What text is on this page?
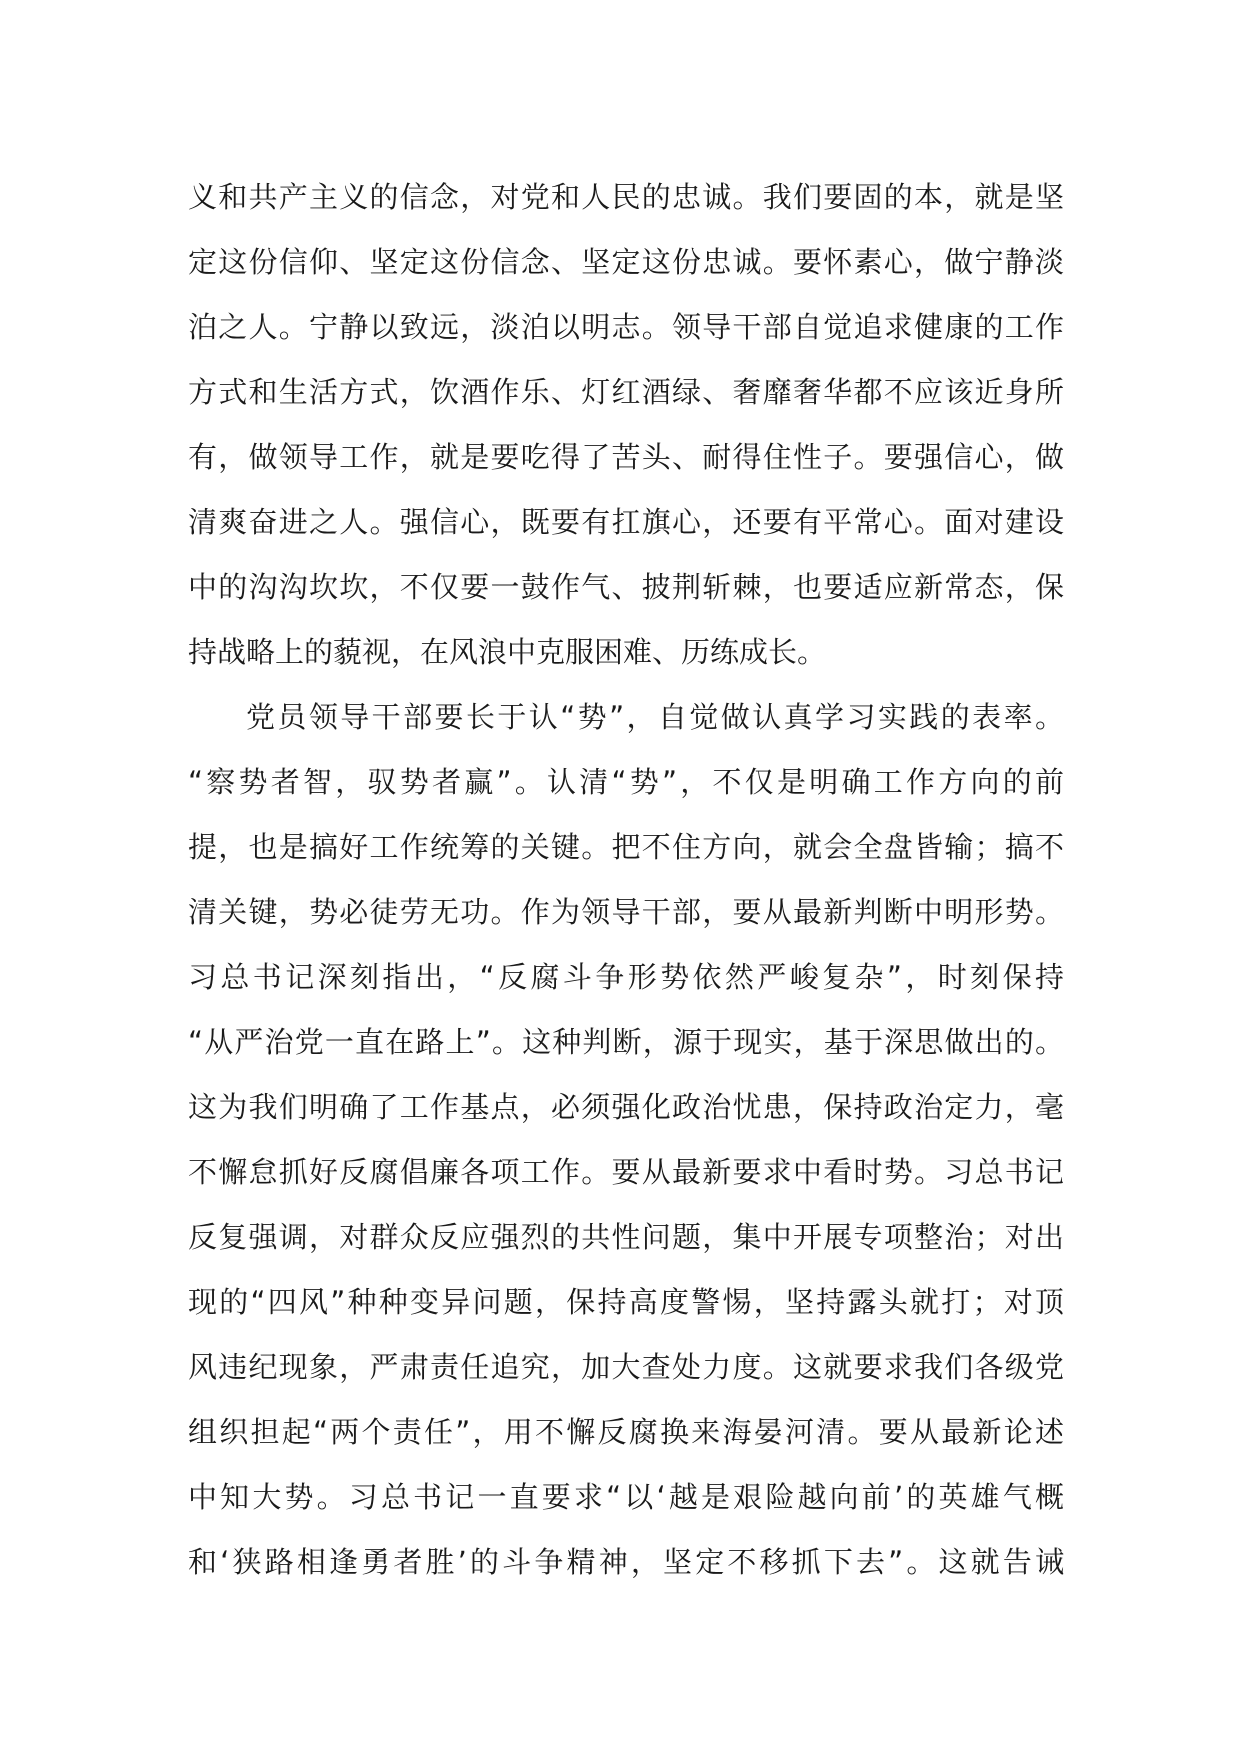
义和共产主义的信念，对党和人民的忠诚。我们要固的本，就是坚
定这份信仰、坚定这份信念、坚定这份忠诚。要怀素心，做宁静淡
泊之人。宁静以致远，淡泊以明志。领导干部自觉追求健康的工作
方式和生活方式，饮酒作乐、灯红酒绿、奢靡奢华都不应该近身所
有，做领导工作，就是要吃得了苦头、耐得住性子。要强信心，做
清爽奋进之人。强信心，既要有扛旗心，还要有平常心。面对建设
中的沟沟坎坎，不仅要一鼓作气、披荆斩棘，也要适应新常态，保
持战略上的藐视，在风浪中克服困难、历练成长。
党员领导干部要长于认“势”，自觉做认真学习实践的表率。
“察势者智，驭势者赢”。认清“势”，不仅是明确工作方向的前
提，也是搞好工作统筹的关键。把不住方向，就会全盘皆输；搞不
清关键，势必徒劳无功。作为领导干部，要从最新判断中明形势。
习总书记深刻指出，“反腐斗争形势依然严峻复杂”，时刻保持
“从严治党一直在路上”。这种判断，源于现实，基于深思做出的。
这为我们明确了工作基点，必须强化政治忧患，保持政治定力，毫
不懈怠抓好反腐倡廉各项工作。要从最新要求中看时势。习总书记
反复强调，对群众反应强烈的共性问题，集中开展专项整治；对出
现的“四风”种种变异问题，保持高度警惕，坚持露头就打；对顶
风违纪现象，严肃责任追究，加大查处力度。这就要求我们各级党
组织担起“两个责任”，用不懈反腐换来海晏河清。要从最新论述
中知大势。习总书记一直要求“以‘越是艰险越向前’的英雄气概
和‘狭路相逢勇者胜’的斗争精神，坚定不移抓下去”。这就告诫
